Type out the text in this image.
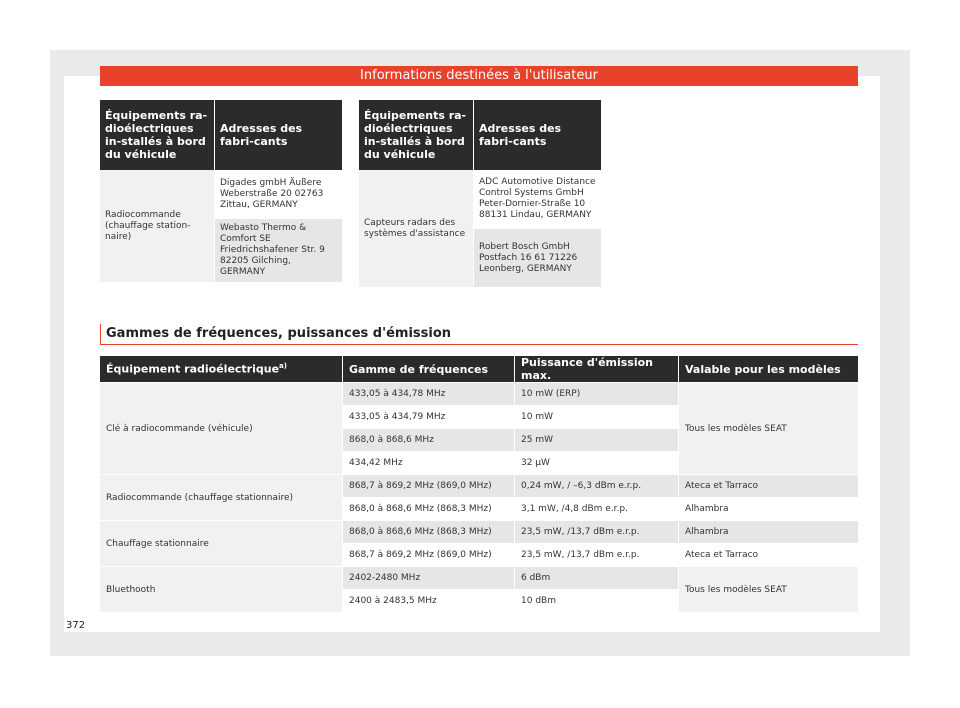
Informations destinées à l'utilisateur
Équipements ra-dioélectriques in-stallés à bord du véhicule	Adresses des fabri-cants
Radiocommande (chauffage station-naire)	Digades gmbH Äußere Weberstraße 20 02763 Zittau, GERMANY
	Webasto Thermo & Comfort SE Friedrichshafener Str. 9 82205 Gilching, GERMANY
Équipements ra-dioélectriques in-stallés à bord du véhicule	Adresses des fabri-cants
Capteurs radars des systèmes d'assistance	ADC Automotive Distance Control Systems GmbH Peter-Dornier-Straße 10 88131 Lindau, GERMANY
	Robert Bosch GmbH Postfach 16 61 71226 Leonberg, GERMANY
Gammes de fréquences, puissances d'émission
Équipement radioélectrique$^{a)}$	Gamme de fréquences	Puissance d'émission max.	Valable pour les modèles
Clé à radiocommande (véhicule)	433,05 à 434,78 MHz	10 mW (ERP)	Tous les modèles SEAT
	433,05 à 434,79 MHz	10 mW	
	868,0 à 868,6 MHz	25 mW	
	434,42 MHz	32 µW	
Radiocommande (chauffage stationnaire)	868,7 à 869,2 MHz (869,0 MHz)	0,24 mW, / –6,3 dBm e.r.p.	Ateca et Tarraco
	868,0 à 868,6 MHz (868,3 MHz)	3,1 mW, /4,8 dBm e.r.p.	Alhambra
Chauffage stationnaire	868,0 à 868,6 MHz (868,3 MHz)	23,5 mW, /13,7 dBm e.r.p.	Alhambra
	868,7 à 869,2 MHz (869,0 MHz)	23,5 mW, /13,7 dBm e.r.p.	Ateca et Tarraco
Bluethooth	2402-2480 MHz	6 dBm	Tous les modèles SEAT
	2400 à 2483,5 MHz	10 dBm	
372
